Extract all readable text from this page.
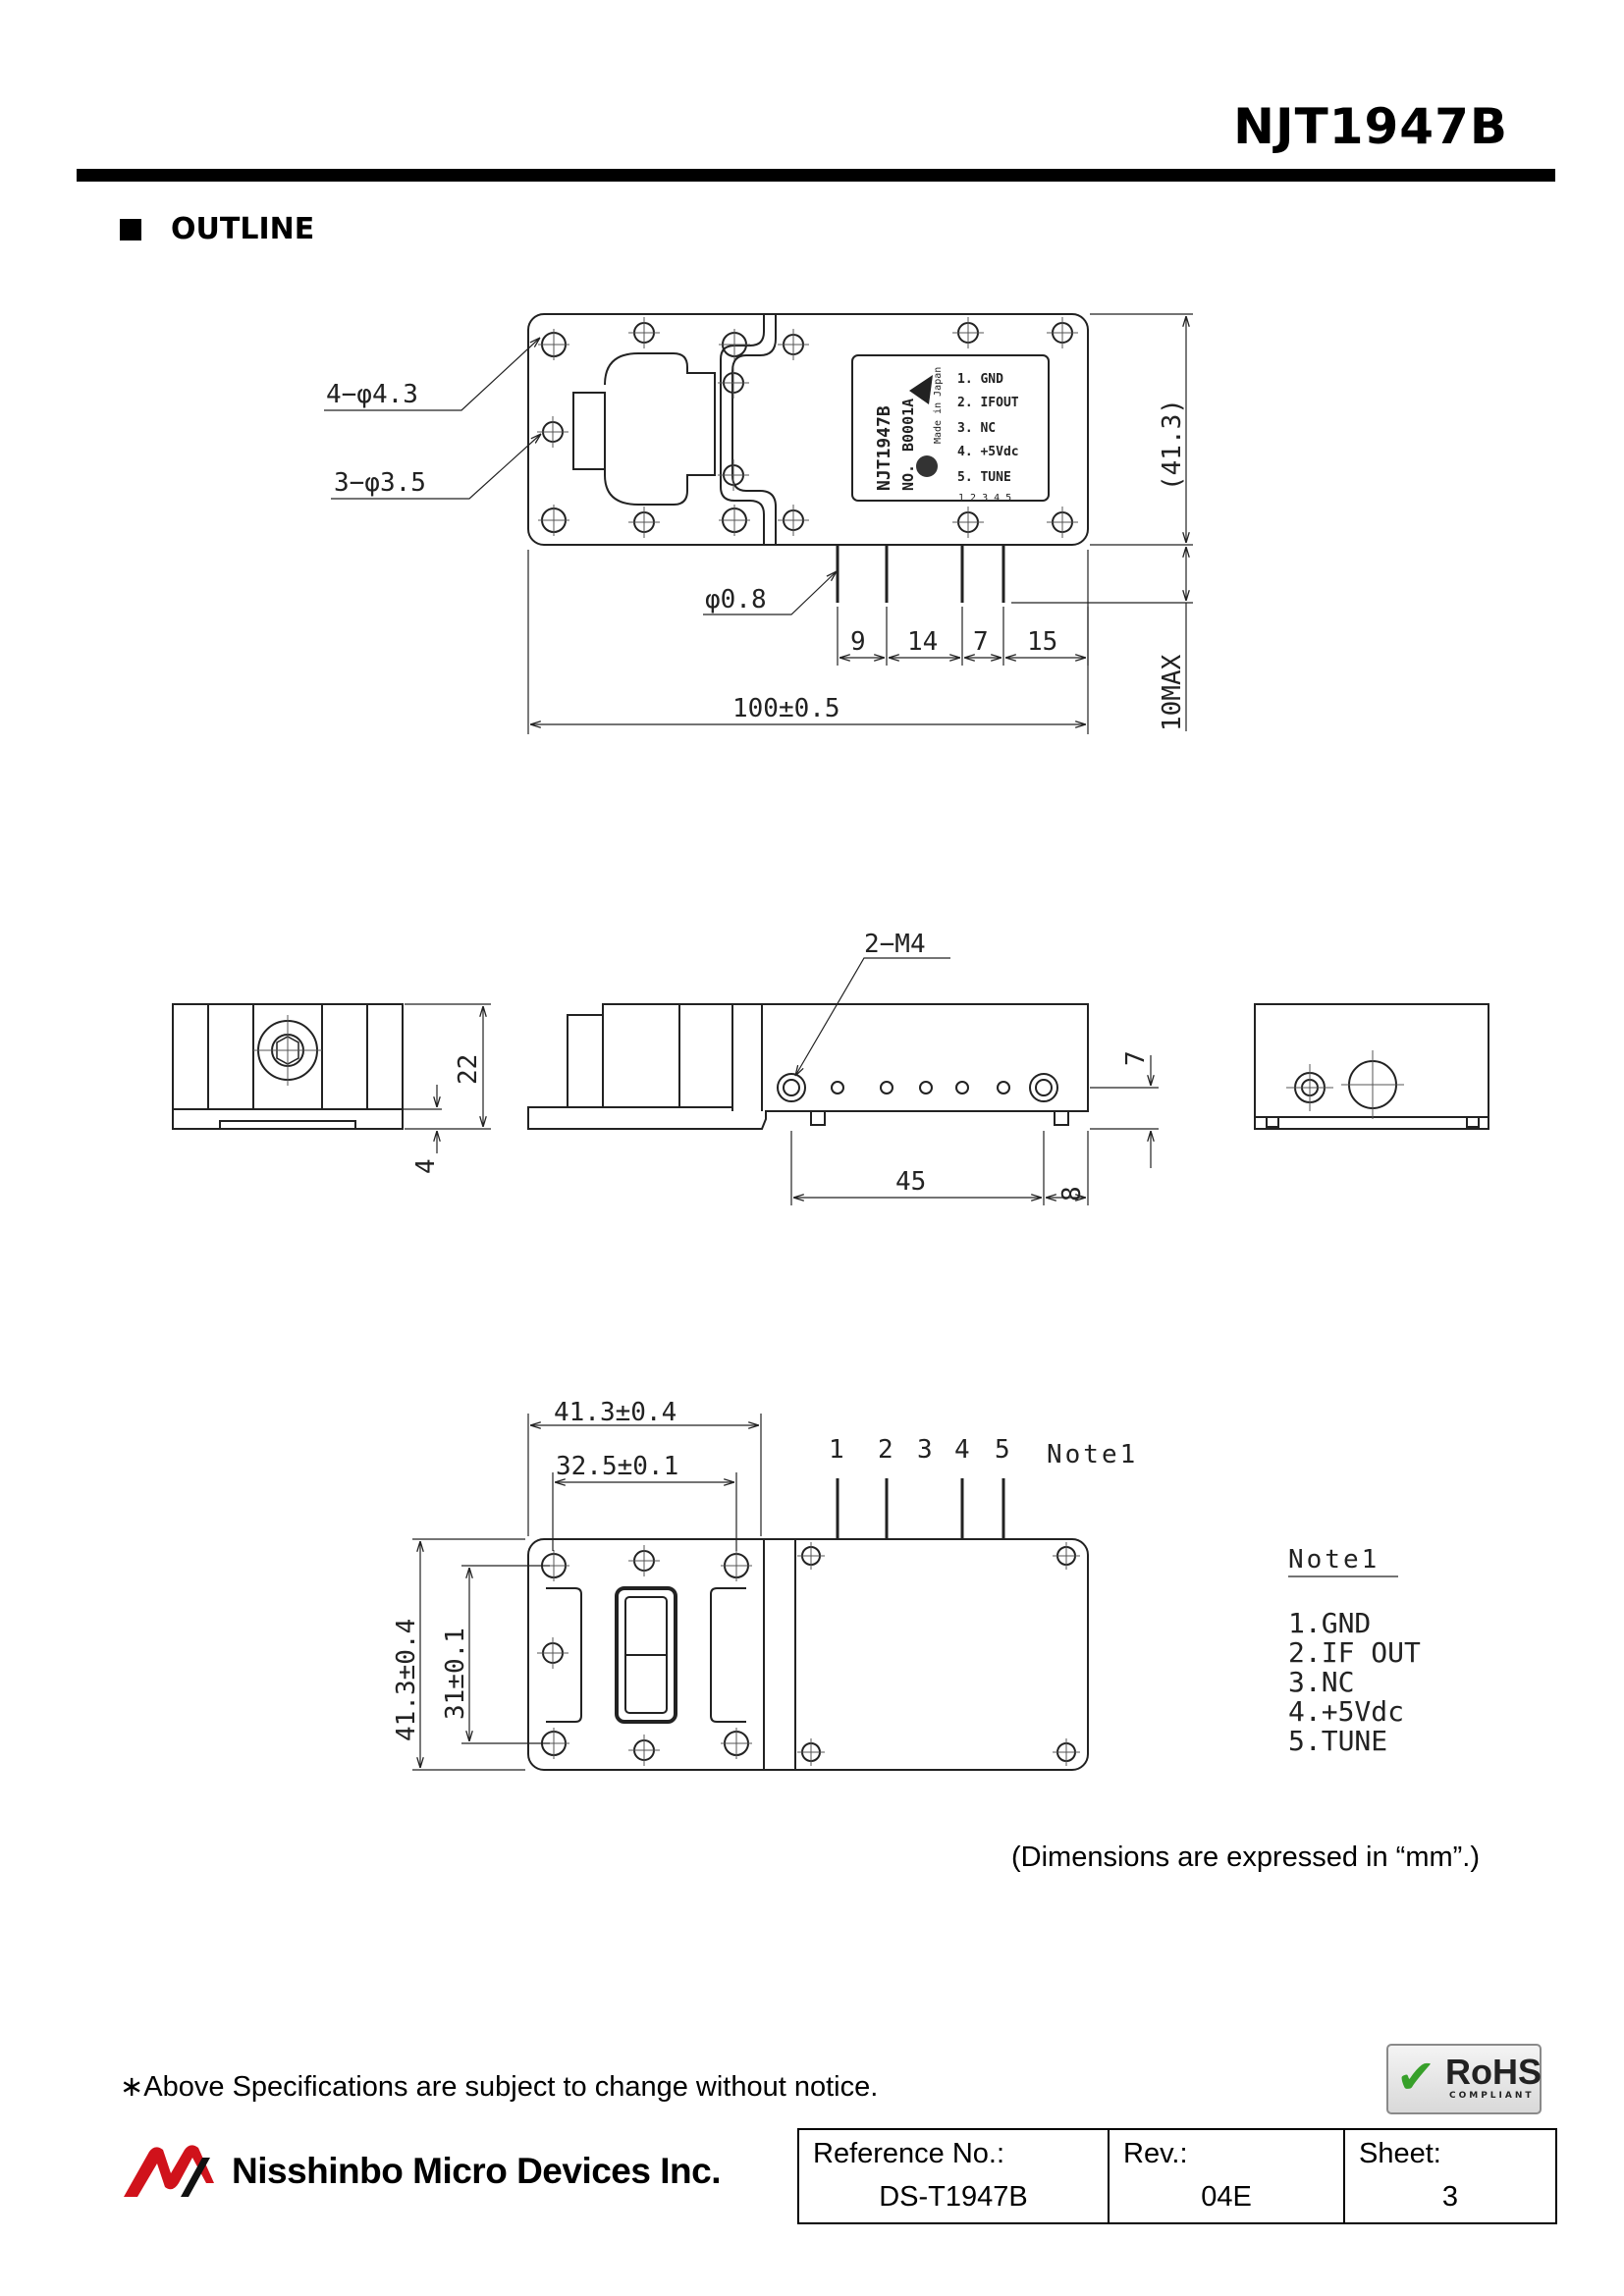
NJT1947B
OUTLINE
NJT1947B NO.
B0001A Made in Japan 1. GND
2. IFOUT
3. NC
4. +5Vdc
5. TUNE
1 2 3 4 5
4−φ4.3
3−φ3.5
φ0.8
9 14 7 15
100±0.5
(41.3)
10MAX
2−M4
22
4
7
45	8
41.3±0.4
32.5±0.1
41.3±0.4 31±0.1
1 2 3 4 5 Note1
Note1
1.GND
2.IF OUT
3.NC
4.+5Vdc
5.TUNE
(Dimensions are expressed in “mm”.)
∗Above Specifications are subject to change without notice.	✔ RoHS
COMPLIANT
Nisshinbo Micro Devices Inc.	Reference No.:
DS-T1947B

Rev.:
04E

Sheet:
3
